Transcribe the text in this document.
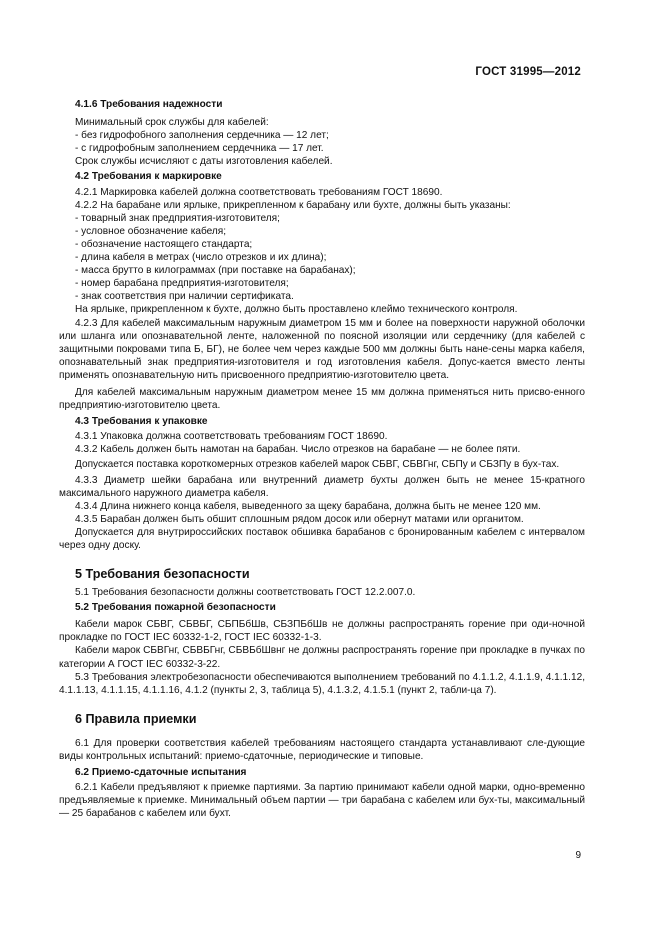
ГОСТ 31995—2012
4.1.6 Требования надежности
Минимальный срок службы для кабелей:
- без гидрофобного заполнения сердечника — 12 лет;
- с гидрофобным заполнением сердечника — 17 лет.
Срок службы исчисляют с даты изготовления кабелей.
4.2 Требования к маркировке
4.2.1 Маркировка кабелей должна соответствовать требованиям ГОСТ 18690.
4.2.2 На барабане или ярлыке, прикрепленном к барабану или бухте, должны быть указаны:
- товарный знак предприятия-изготовителя;
- условное обозначение кабеля;
- обозначение настоящего стандарта;
- длина кабеля в метрах (число отрезков и их длина);
- масса брутто в килограммах (при поставке на барабанах);
- номер барабана предприятия-изготовителя;
- знак соответствия при наличии сертификата.
На ярлыке, прикрепленном к бухте, должно быть проставлено клеймо технического контроля.
4.2.3 Для кабелей максимальным наружным диаметром 15 мм и более на поверхности наружной оболочки или шланга или опознавательной ленте, наложенной по поясной изоляции или сердечнику (для кабелей с защитными покровами типа Б, БГ), не более чем через каждые 500 мм должны быть нане-сены марка кабеля, опознавательный знак предприятия-изготовителя и год изготовления кабеля. Допус-кается вместо ленты применять опознавательную нить присвоенного предприятию-изготовителю цвета.
Для кабелей максимальным наружным диаметром менее 15 мм должна применяться нить присво-енного предприятию-изготовителю цвета.
4.3 Требования к упаковке
4.3.1 Упаковка должна соответствовать требованиям ГОСТ 18690.
4.3.2 Кабель должен быть намотан на барабан. Число отрезков на барабане — не более пяти.
Допускается поставка короткомерных отрезков кабелей марок СБВГ, СБВГнг, СБПу и СБЗПу в бух-тах.
4.3.3 Диаметр шейки барабана или внутренний диаметр бухты должен быть не менее 15-кратного максимального наружного диаметра кабеля.
4.3.4 Длина нижнего конца кабеля, выведенного за щеку барабана, должна быть не менее 120 мм.
4.3.5 Барабан должен быть обшит сплошным рядом досок или обернут матами или органитом.
Допускается для внутрироссийских поставок обшивка барабанов с бронированным кабелем с интервалом через одну доску.
5 Требования безопасности
5.1 Требования безопасности должны соответствовать ГОСТ 12.2.007.0.
5.2 Требования пожарной безопасности
Кабели марок СБВГ, СБВБГ, СБПБбШв, СБЗПБбШв не должны распространять горение при оди-ночной прокладке по ГОСТ IEC 60332-1-2, ГОСТ IEC 60332-1-3.
Кабели марок СБВГнг, СБВБГнг, СБВБбШвнг не должны распространять горение при прокладке в пучках по категории А ГОСТ IEC 60332-3-22.
5.3 Требования электробезопасности обеспечиваются выполнением требований по 4.1.1.2, 4.1.1.9, 4.1.1.12, 4.1.1.13, 4.1.1.15, 4.1.1.16, 4.1.2 (пункты 2, 3, таблица 5), 4.1.3.2, 4.1.5.1 (пункт 2, табли-ца 7).
6 Правила приемки
6.1 Для проверки соответствия кабелей требованиям настоящего стандарта устанавливают сле-дующие виды контрольных испытаний: приемо-сдаточные, периодические и типовые.
6.2 Приемо-сдаточные испытания
6.2.1 Кабели предъявляют к приемке партиями. За партию принимают кабели одной марки, одно-временно предъявляемые к приемке. Минимальный объем партии — три барабана с кабелем или бух-ты, максимальный — 25 барабанов с кабелем или бухт.
9
